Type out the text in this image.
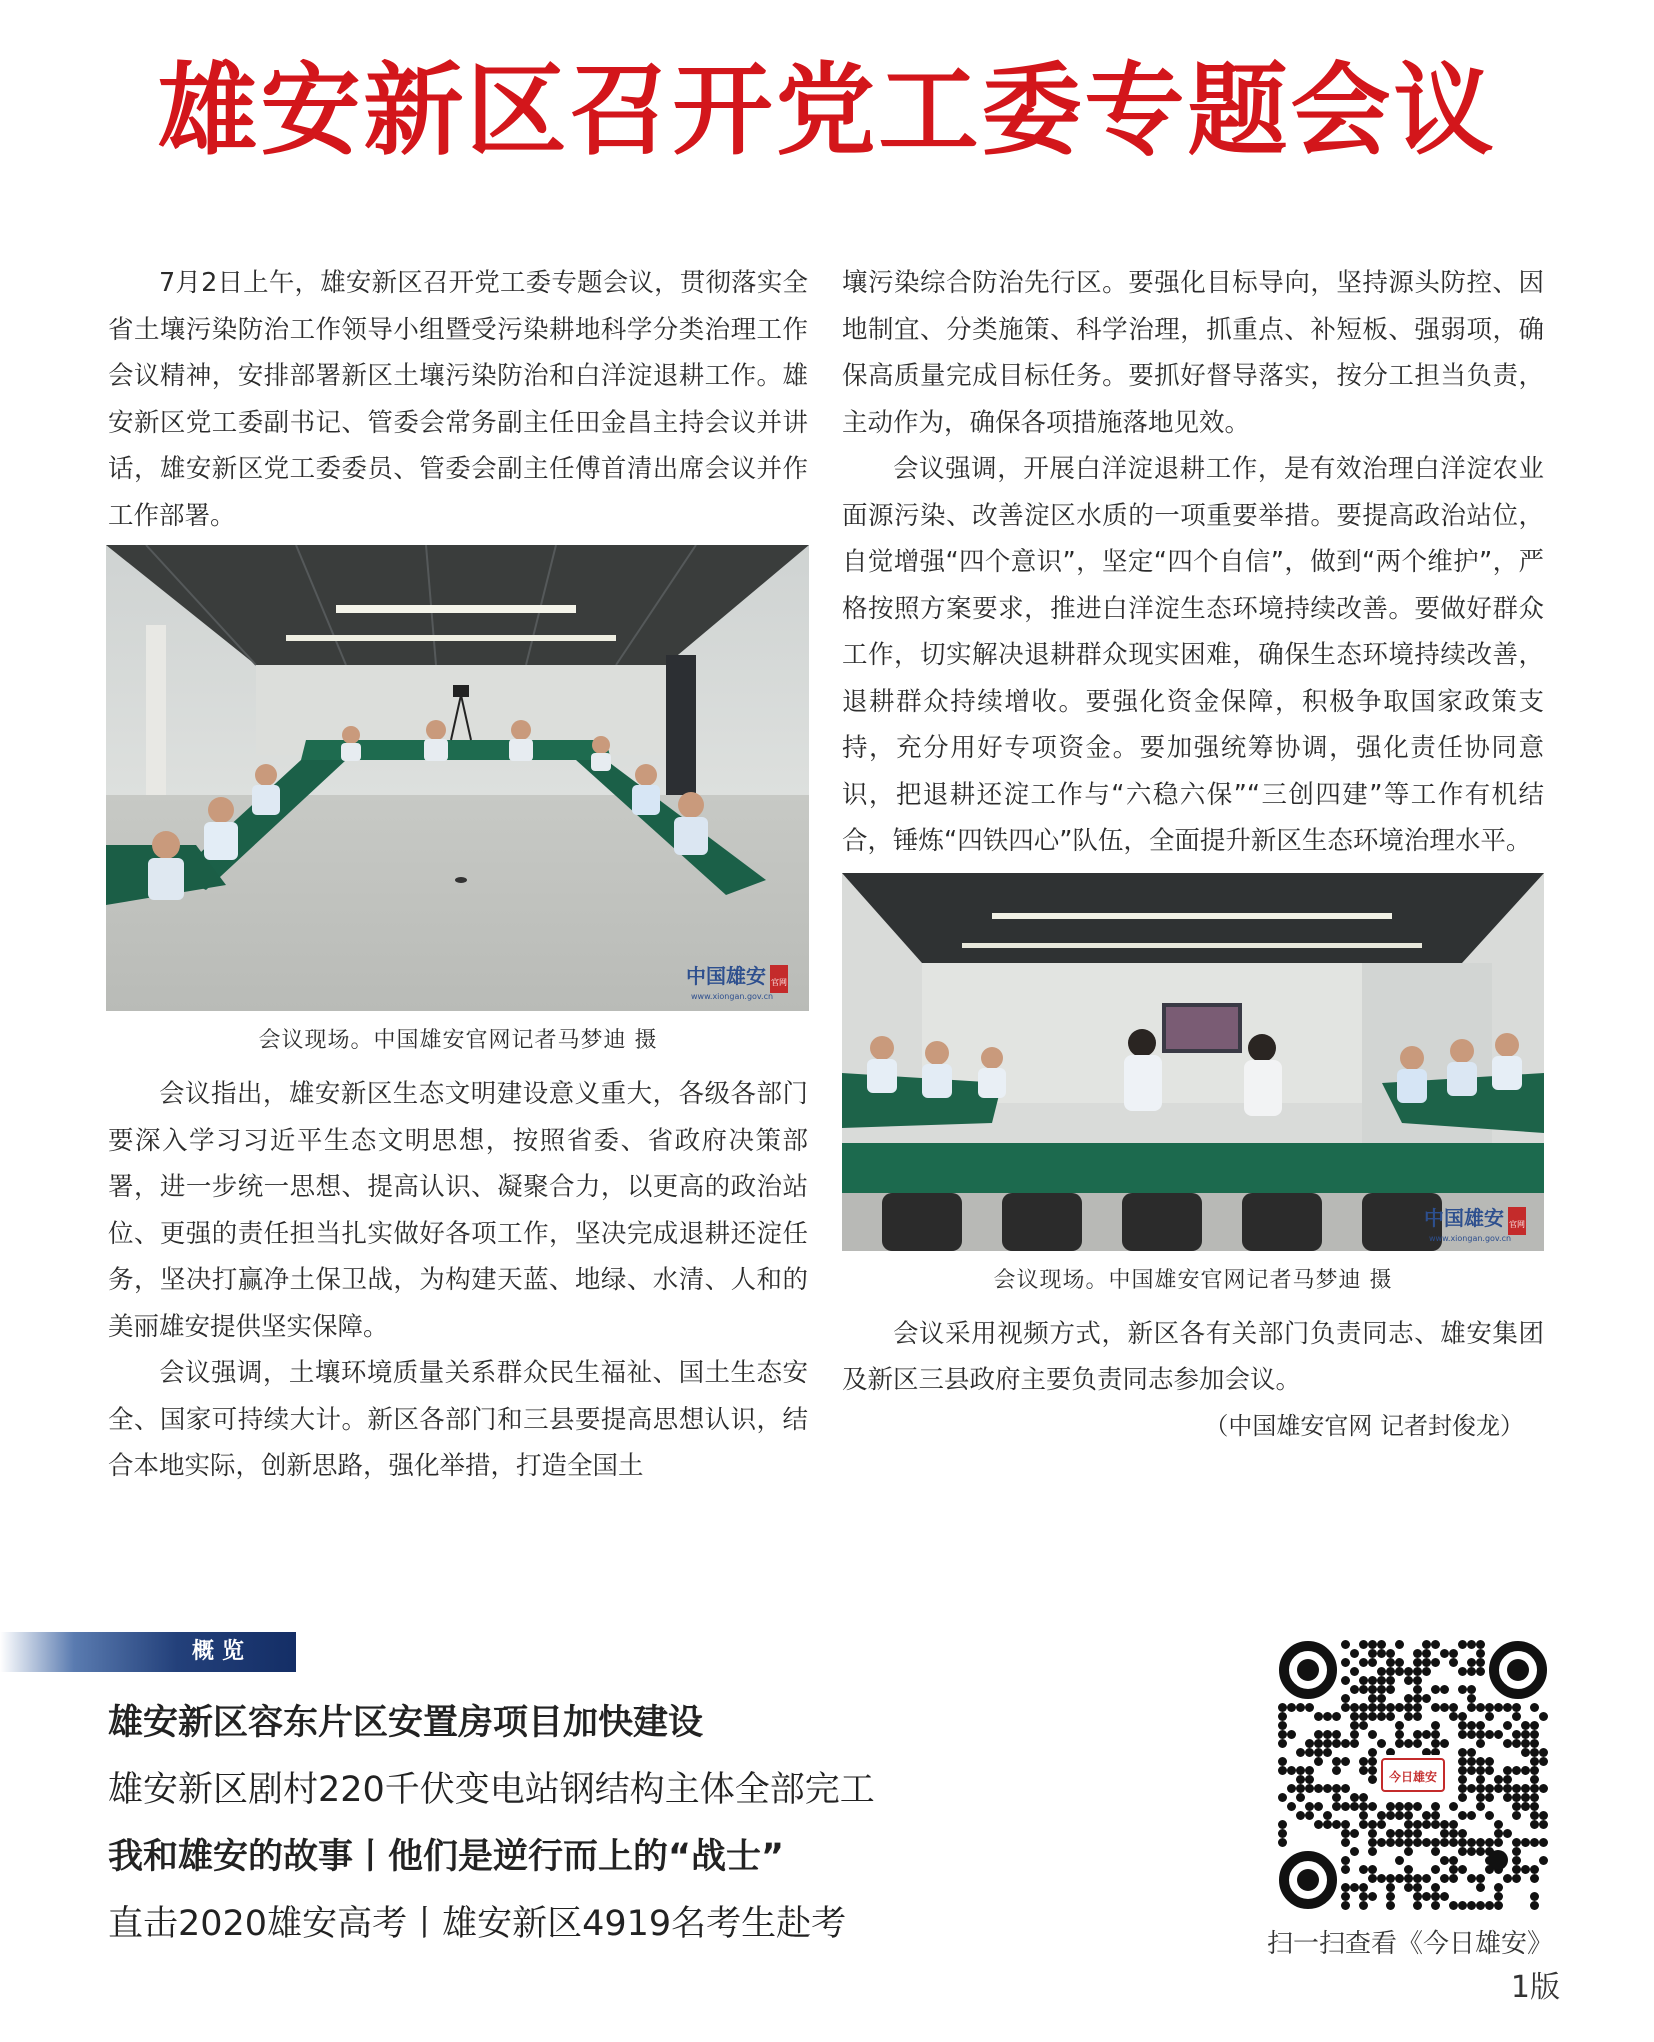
雄安新区召开党工委专题会议

7月2日上午，雄安新区召开党工委专题会议，贯彻落实全省土壤污染防治工作领导小组暨受污染耕地科学分类治理工作会议精神，安排部署新区土壤污染防治和白洋淀退耕工作。雄安新区党工委副书记、管委会常务副主任田金昌主持会议并讲话，雄安新区党工委委员、管委会副主任傅首清出席会议并作工作部署。

中国雄安 官网
www.xiongan.gov.cn
会议现场。中国雄安官网记者马梦迪 摄

会议指出，雄安新区生态文明建设意义重大，各级各部门要深入学习习近平生态文明思想，按照省委、省政府决策部署，进一步统一思想、提高认识、凝聚合力，以更高的政治站位、更强的责任担当扎实做好各项工作，坚决完成退耕还淀任务，坚决打赢净土保卫战，为构建天蓝、地绿、水清、人和的美丽雄安提供坚实保障。

会议强调，土壤环境质量关系群众民生福祉、国土生态安全、国家可持续大计。新区各部门和三县要提高思想认识，结合本地实际，创新思路，强化举措，打造全国土

壤污染综合防治先行区。要强化目标导向，坚持源头防控、因地制宜、分类施策、科学治理，抓重点、补短板、强弱项，确保高质量完成目标任务。要抓好督导落实，按分工担当负责，主动作为，确保各项措施落地见效。

会议强调，开展白洋淀退耕工作，是有效治理白洋淀农业面源污染、改善淀区水质的一项重要举措。要提高政治站位，自觉增强“四个意识”，坚定“四个自信”，做到“两个维护”，严格按照方案要求，推进白洋淀生态环境持续改善。要做好群众工作，切实解决退耕群众现实困难，确保生态环境持续改善，退耕群众持续增收。要强化资金保障，积极争取国家政策支持，充分用好专项资金。要加强统筹协调，强化责任协同意识，把退耕还淀工作与“六稳六保”“三创四建”等工作有机结合，锤炼“四铁四心”队伍，全面提升新区生态环境治理水平。

中国雄安 官网
www.xiongan.gov.cn
会议现场。中国雄安官网记者马梦迪 摄

会议采用视频方式，新区各有关部门负责同志、雄安集团及新区三县政府主要负责同志参加会议。

（中国雄安官网 记者封俊龙）
概览
雄安新区容东片区安置房项目加快建设
雄安新区剧村220千伏变电站钢结构主体全部完工
我和雄安的故事丨他们是逆行而上的“战士”
直击2020雄安高考丨雄安新区4919名考生赴考
今日雄安
扫一扫查看《今日雄安》
1版
